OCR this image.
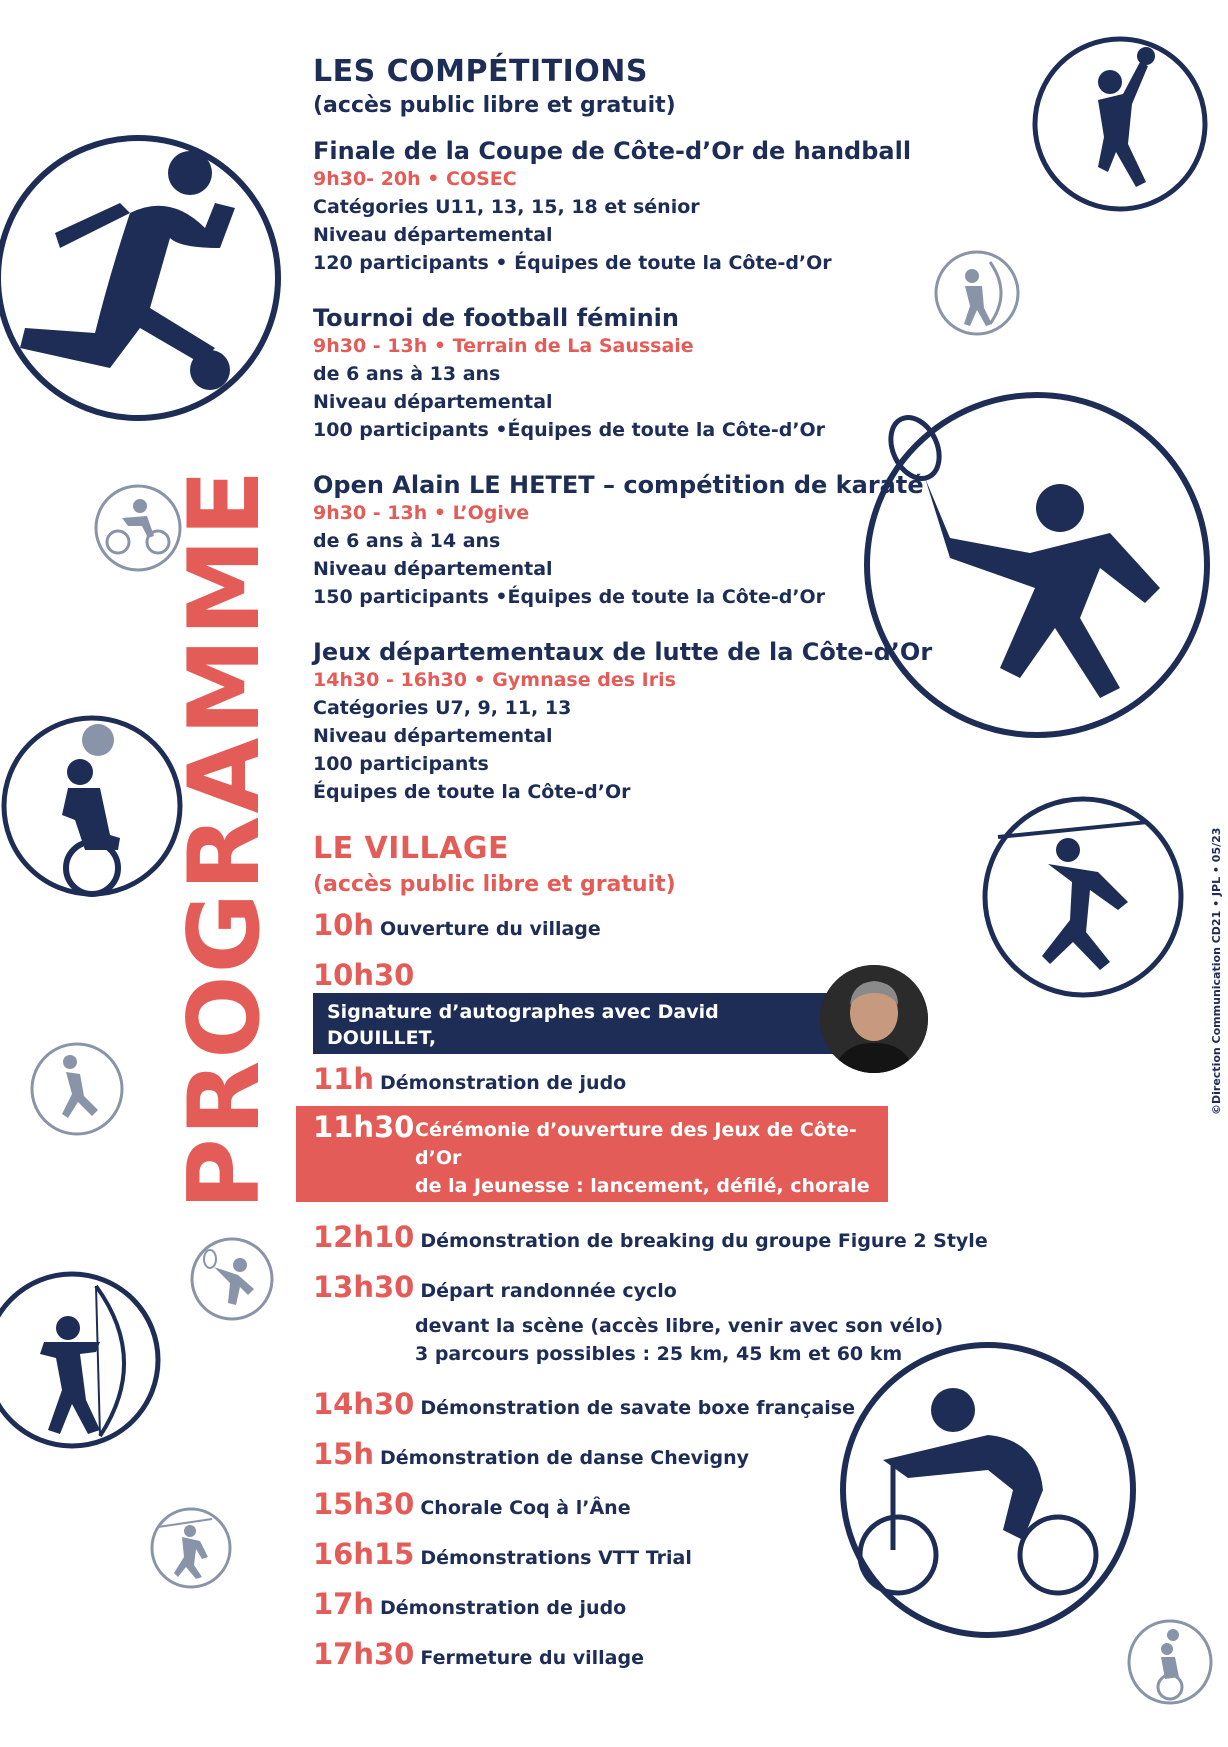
PROGRAMME	©Direction Communication CD21 • JPL • 05/23
LES COMPÉTITIONS
(accès public libre et gratuit)
Finale de la Coupe de Côte-d’Or de handball
9h30- 20h • COSEC
Catégories U11, 13, 15, 18 et sénior
Niveau départemental
120 participants • Équipes de toute la Côte-d’Or
Tournoi de football féminin
9h30 - 13h • Terrain de La Saussaie
de 6 ans à 13 ans
Niveau départemental
100 participants •Équipes de toute la Côte-d’Or
Open Alain LE HETET – compétition de karaté
9h30 - 13h • L’Ogive
de 6 ans à 14 ans
Niveau départemental
150 participants •Équipes de toute la Côte-d’Or
Jeux départementaux de lutte de la Côte-d’Or
14h30 - 16h30 • Gymnase des Iris
Catégories U7, 9, 11, 13
Niveau départemental
100 participants
Équipes de toute la Côte-d’Or
LE VILLAGE
(accès public libre et gratuit)
10h Ouverture du village
10h30
Signature d’autographes avec David DOUILLET,
parrain de l’événement • stand JUDO
11h Démonstration de judo
11h30 Cérémonie d’ouverture des Jeux de Côte-d’Or
de la Jeunesse : lancement, défilé, chorale
en présence de David DOUILLET
12h10 Démonstration de breaking du groupe Figure 2 Style
13h30 Départ randonnée cyclo
devant la scène (accès libre, venir avec son vélo)
3 parcours possibles : 25 km, 45 km et 60 km
14h30 Démonstration de savate boxe française
15h Démonstration de danse Chevigny
15h30 Chorale Coq à l’Âne
16h15 Démonstrations VTT Trial
17h Démonstration de judo
17h30 Fermeture du village
